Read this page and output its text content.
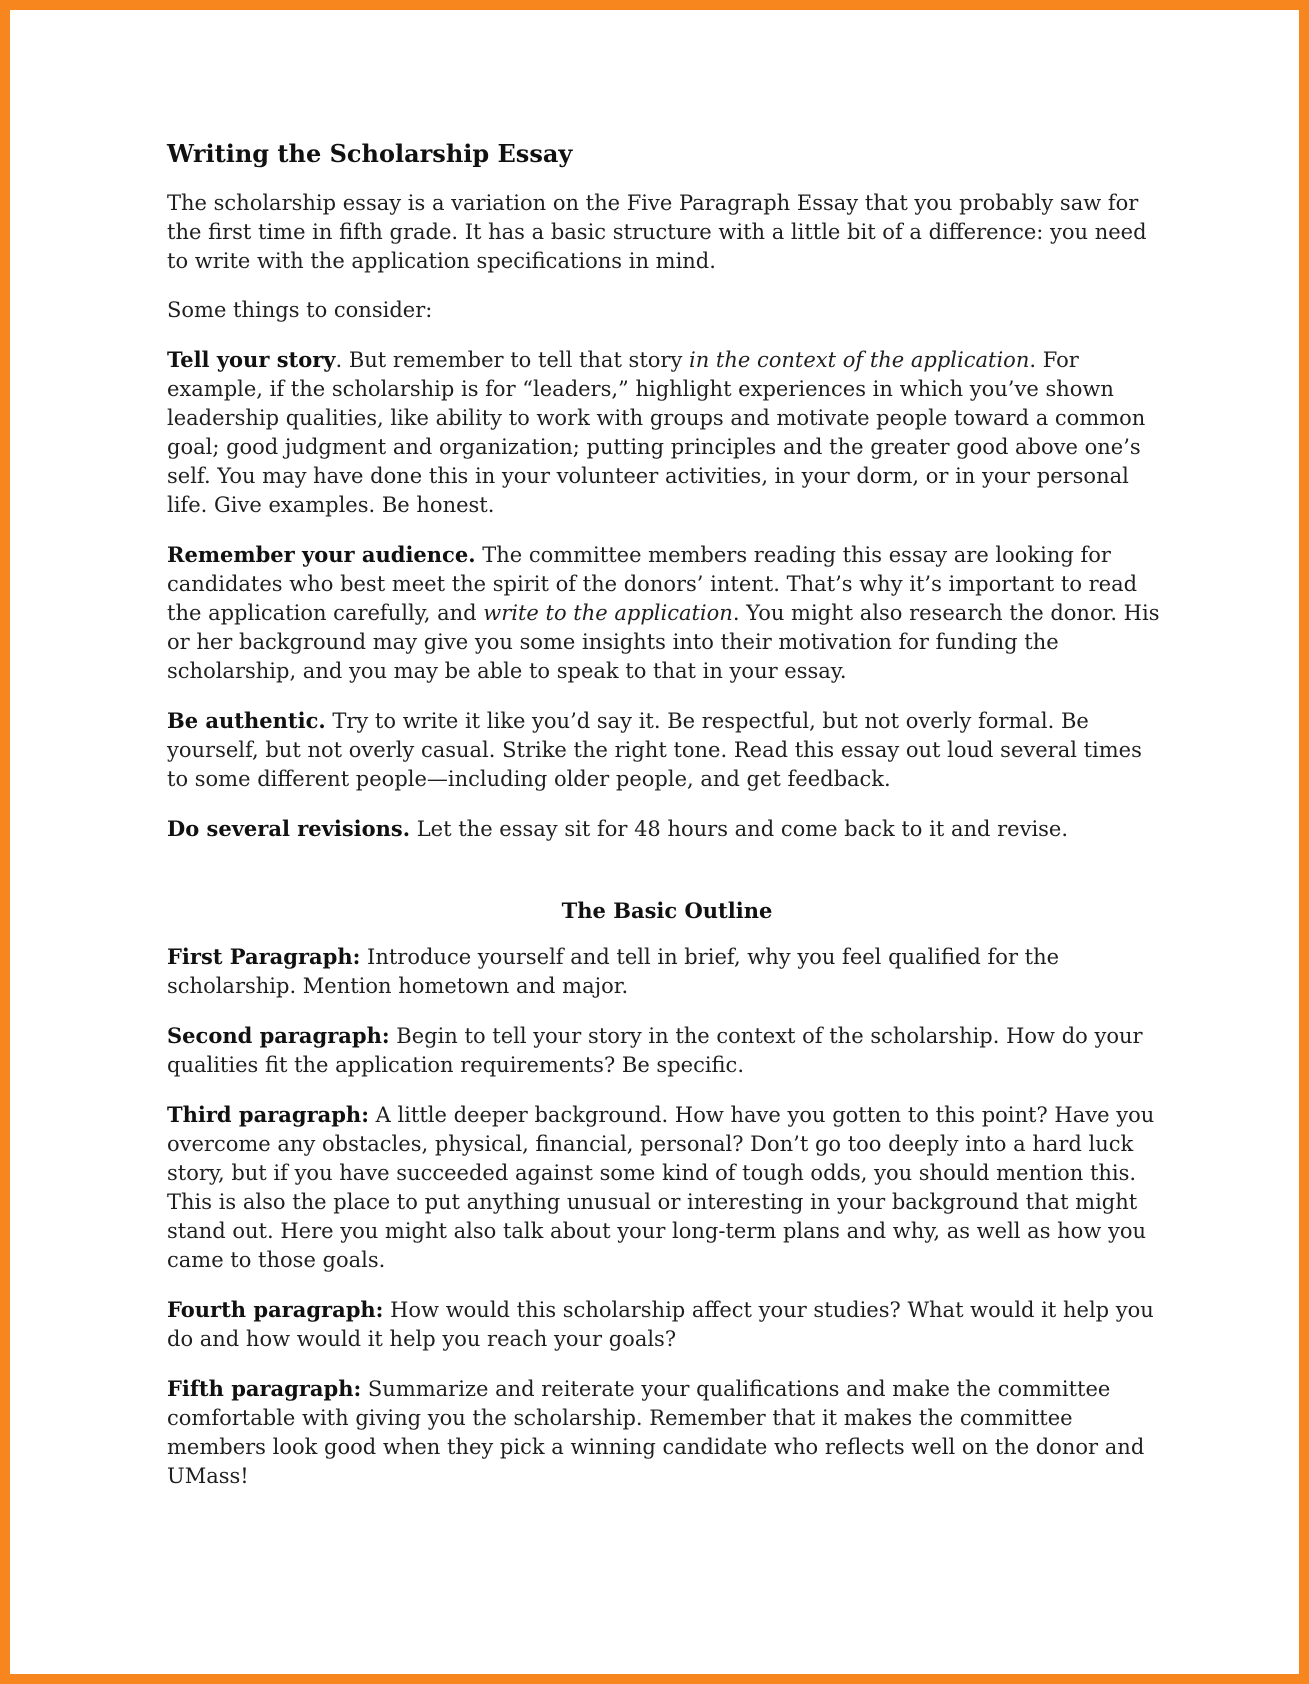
Writing the Scholarship Essay

The scholarship essay is a variation on the Five Paragraph Essay that you probably saw for the first time in fifth grade. It has a basic structure with a little bit of a difference: you need to write with the application specifications in mind.

Some things to consider:

Tell your story. But remember to tell that story in the context of the application. For example, if the scholarship is for “leaders,” highlight experiences in which you’ve shown leadership qualities, like ability to work with groups and motivate people toward a common goal; good judgment and organization; putting principles and the greater good above one’s self. You may have done this in your volunteer activities, in your dorm, or in your personal life. Give examples. Be honest.

Remember your audience. The committee members reading this essay are looking for candidates who best meet the spirit of the donors’ intent. That’s why it’s important to read the application carefully, and write to the application. You might also research the donor. His or her background may give you some insights into their motivation for funding the scholarship, and you may be able to speak to that in your essay.

Be authentic. Try to write it like you’d say it. Be respectful, but not overly formal. Be yourself, but not overly casual. Strike the right tone. Read this essay out loud several times to some different people—including older people, and get feedback.

Do several revisions. Let the essay sit for 48 hours and come back to it and revise.

The Basic Outline

First Paragraph: Introduce yourself and tell in brief, why you feel qualified for the scholarship. Mention hometown and major.

Second paragraph: Begin to tell your story in the context of the scholarship. How do your qualities fit the application requirements? Be specific.

Third paragraph: A little deeper background. How have you gotten to this point? Have you overcome any obstacles, physical, financial, personal? Don’t go too deeply into a hard luck story, but if you have succeeded against some kind of tough odds, you should mention this. This is also the place to put anything unusual or interesting in your background that might stand out. Here you might also talk about your long-term plans and why, as well as how you came to those goals.

Fourth paragraph: How would this scholarship affect your studies? What would it help you do and how would it help you reach your goals?

Fifth paragraph: Summarize and reiterate your qualifications and make the committee comfortable with giving you the scholarship. Remember that it makes the committee members look good when they pick a winning candidate who reflects well on the donor and UMass!
